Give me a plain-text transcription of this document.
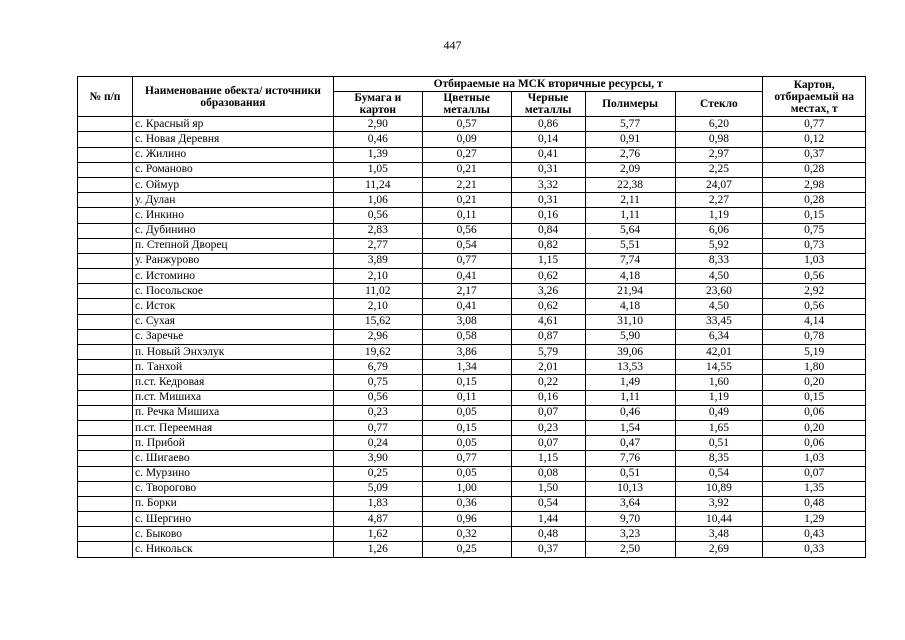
447
№ п/п	Наименование обекта/ источники образования	Отбираемые на МСК вторичные ресурсы, т					Картон, отбираемый на местах, т
		Бумага и картон	Цветные металлы	Черные металлы	Полимеры	Стекло	
	с. Красный яр	2,90	0,57	0,86	5,77	6,20	0,77
	с. Новая Деревня	0,46	0,09	0,14	0,91	0,98	0,12
	с. Жилино	1,39	0,27	0,41	2,76	2,97	0,37
	с. Романово	1,05	0,21	0,31	2,09	2,25	0,28
	с. Оймур	11,24	2,21	3,32	22,38	24,07	2,98
	у. Дулан	1,06	0,21	0,31	2,11	2,27	0,28
	с. Инкино	0,56	0,11	0,16	1,11	1,19	0,15
	с. Дубинино	2,83	0,56	0,84	5,64	6,06	0,75
	п. Степной Дворец	2,77	0,54	0,82	5,51	5,92	0,73
	у. Ранжурово	3,89	0,77	1,15	7,74	8,33	1,03
	с. Истомино	2,10	0,41	0,62	4,18	4,50	0,56
	с. Посольское	11,02	2,17	3,26	21,94	23,60	2,92
	с. Исток	2,10	0,41	0,62	4,18	4,50	0,56
	с. Сухая	15,62	3,08	4,61	31,10	33,45	4,14
	с. Заречье	2,96	0,58	0,87	5,90	6,34	0,78
	п. Новый Энхэлук	19,62	3,86	5,79	39,06	42,01	5,19
	п. Танхой	6,79	1,34	2,01	13,53	14,55	1,80
	п.ст. Кедровая	0,75	0,15	0,22	1,49	1,60	0,20
	п.ст. Мишиха	0,56	0,11	0,16	1,11	1,19	0,15
	п. Речка Мишиха	0,23	0,05	0,07	0,46	0,49	0,06
	п.ст. Переемная	0,77	0,15	0,23	1,54	1,65	0,20
	п. Прибой	0,24	0,05	0,07	0,47	0,51	0,06
	с. Шигаево	3,90	0,77	1,15	7,76	8,35	1,03
	с. Мурзино	0,25	0,05	0,08	0,51	0,54	0,07
	с. Творогово	5,09	1,00	1,50	10,13	10,89	1,35
	п. Борки	1,83	0,36	0,54	3,64	3,92	0,48
	с. Шергино	4,87	0,96	1,44	9,70	10,44	1,29
	с. Быково	1,62	0,32	0,48	3,23	3,48	0,43
	с. Никольск	1,26	0,25	0,37	2,50	2,69	0,33
